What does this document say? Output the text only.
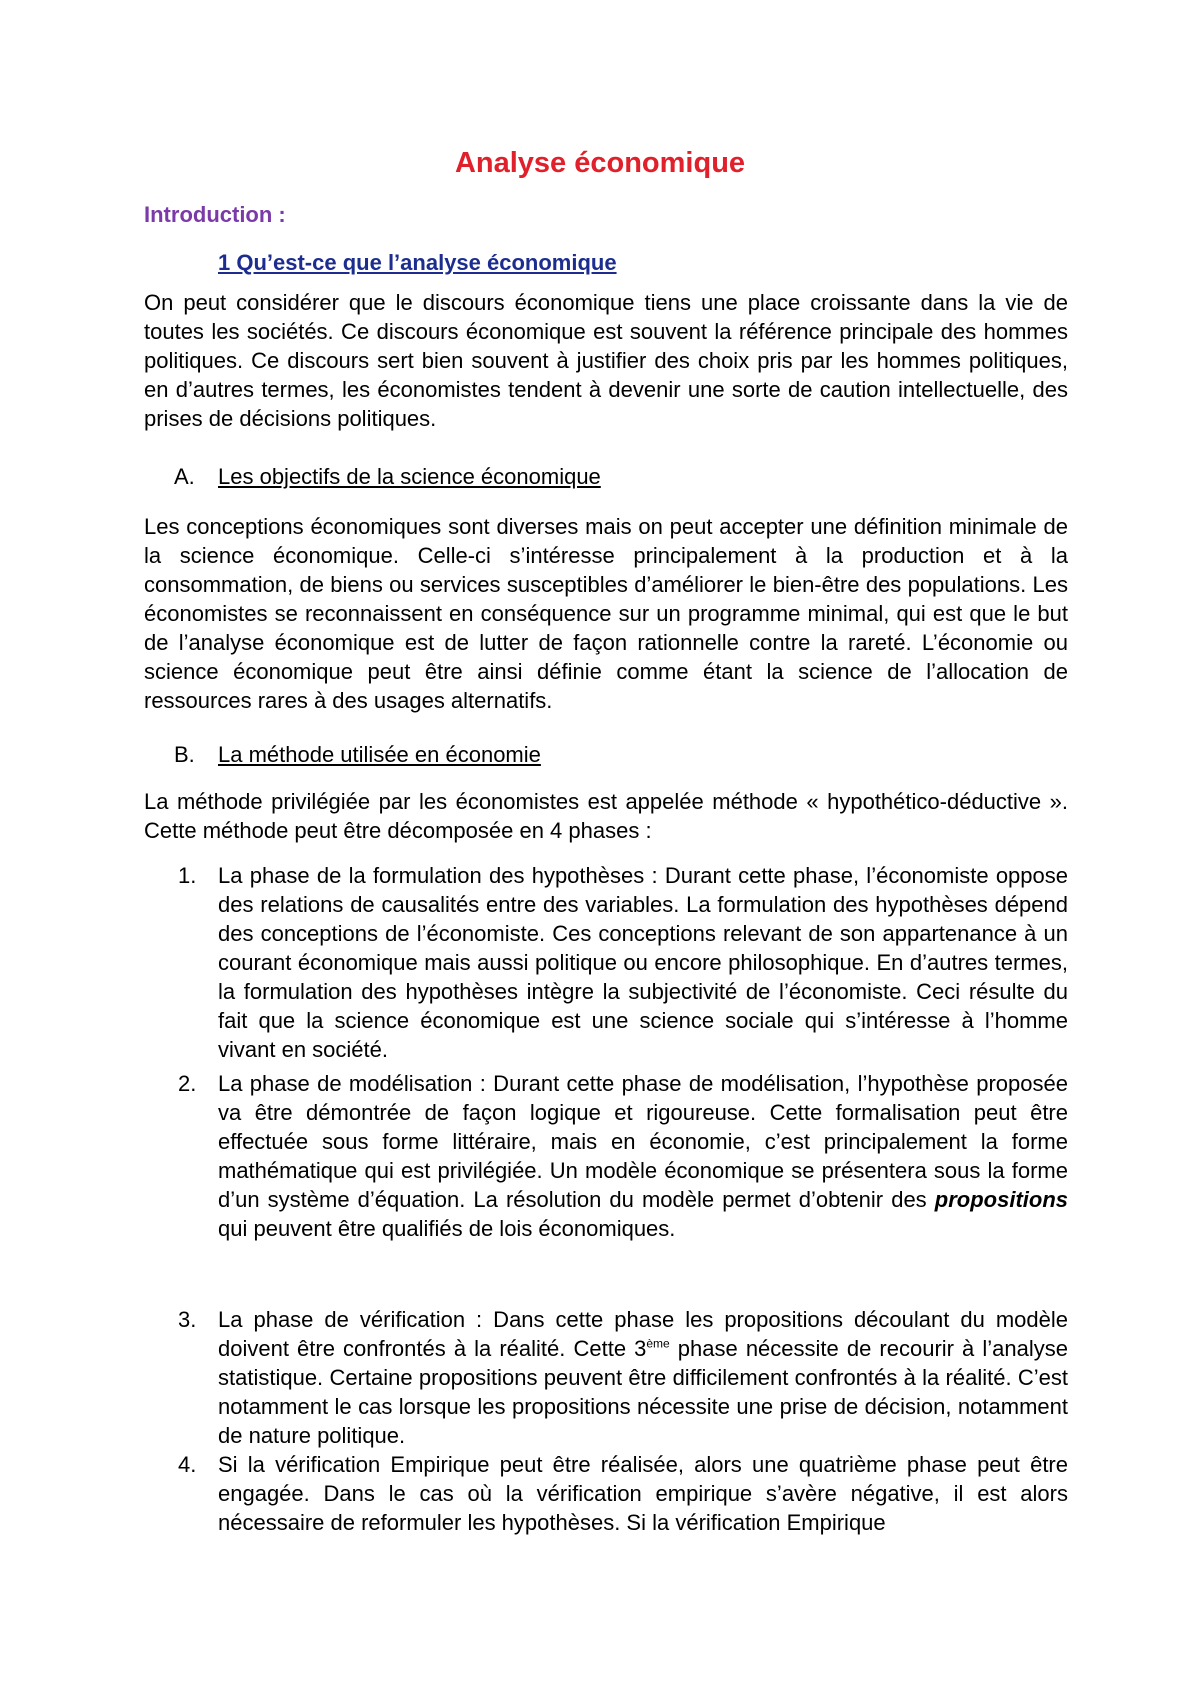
Analyse économique

Introduction :

1 Qu’est-ce que l’analyse économique

On peut considérer que le discours économique tiens une place croissante dans la vie de toutes les sociétés. Ce discours économique est souvent la référence principale des hommes politiques. Ce discours sert bien souvent à justifier des choix pris par les hommes politiques, en d’autres termes, les économistes tendent à devenir une sorte de caution intellectuelle, des prises de décisions politiques.

A. Les objectifs de la science économique

Les conceptions économiques sont diverses mais on peut accepter une définition minimale de la science économique. Celle-ci s’intéresse principalement à la production et à la consommation, de biens ou services susceptibles d’améliorer le bien-être des populations. Les économistes se reconnaissent en conséquence sur un programme minimal, qui est que le but de l’analyse économique est de lutter de façon rationnelle contre la rareté. L’économie ou science économique peut être ainsi définie comme étant la science de l’allocation de ressources rares à des usages alternatifs.

B. La méthode utilisée en économie

La méthode privilégiée par les économistes est appelée méthode « hypothético-déductive ». Cette méthode peut être décomposée en 4 phases :

1. La phase de la formulation des hypothèses : Durant cette phase, l’économiste oppose des relations de causalités entre des variables. La formulation des hypothèses dépend des conceptions de l’économiste. Ces conceptions relevant de son appartenance à un courant économique mais aussi politique ou encore philosophique. En d’autres termes, la formulation des hypothèses intègre la subjectivité de l’économiste. Ceci résulte du fait que la science économique est une science sociale qui s’intéresse à l’homme vivant en société.
2. La phase de modélisation : Durant cette phase de modélisation, l’hypothèse proposée va être démontrée de façon logique et rigoureuse. Cette formalisation peut être effectuée sous forme littéraire, mais en économie, c’est principalement la forme mathématique qui est privilégiée. Un modèle économique se présentera sous la forme d’un système d’équation. La résolution du modèle permet d’obtenir des propositions qui peuvent être qualifiés de lois économiques.
3. La phase de vérification : Dans cette phase les propositions découlant du modèle doivent être confrontés à la réalité. Cette 3ème phase nécessite de recourir à l’analyse statistique. Certaine propositions peuvent être difficilement confrontés à la réalité. C’est notamment le cas lorsque les propositions nécessite une prise de décision, notamment de nature politique.
4. Si la vérification Empirique peut être réalisée, alors une quatrième phase peut être engagée. Dans le cas où la vérification empirique s’avère négative, il est alors nécessaire de reformuler les hypothèses. Si la vérification Empirique
